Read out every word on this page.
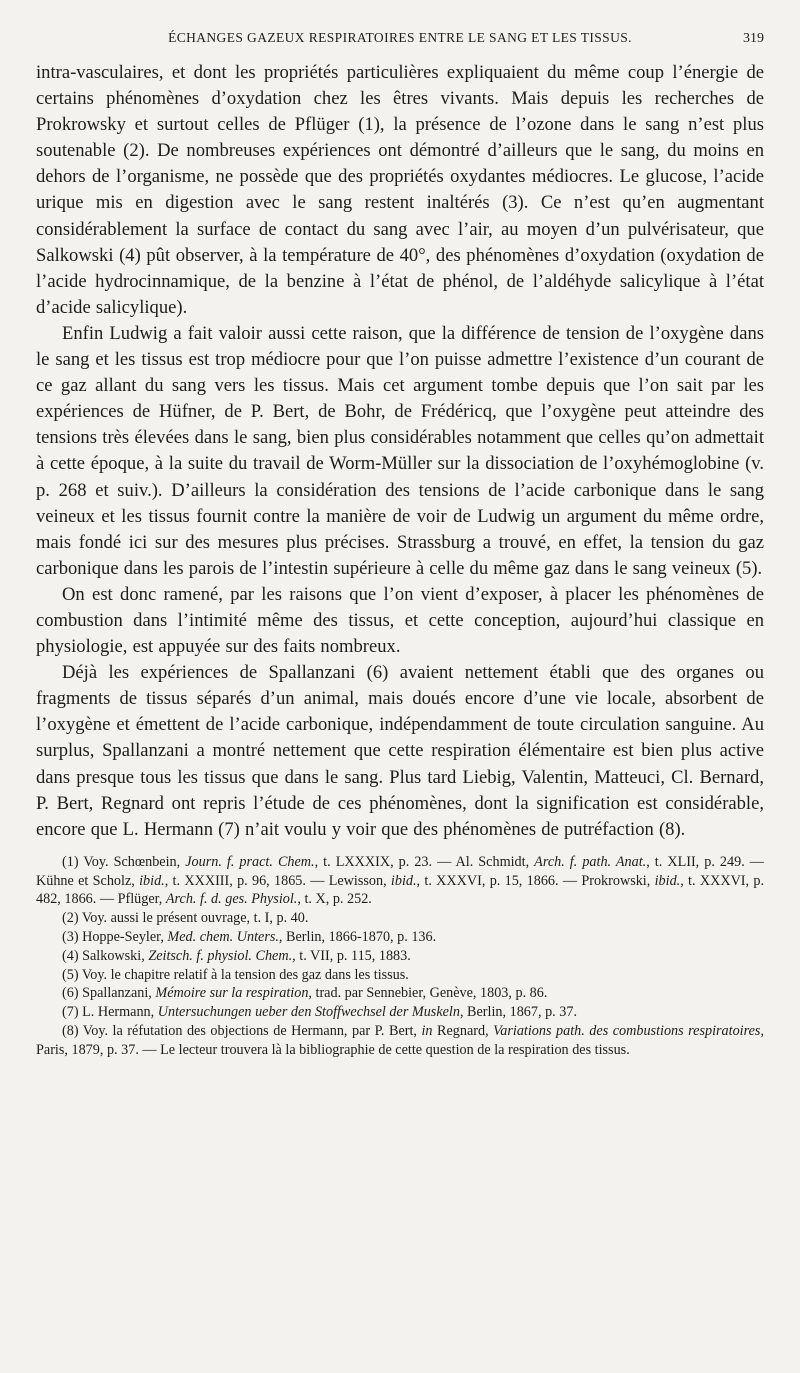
ÉCHANGES GAZEUX RESPIRATOIRES ENTRE LE SANG ET LES TISSUS.	319

intra-vasculaires, et dont les propriétés particulières expliquaient du même coup l’énergie de certains phénomènes d’oxydation chez les êtres vivants. Mais depuis les recherches de Prokrowsky et surtout celles de Pflüger (1), la présence de l’ozone dans le sang n’est plus soutenable (2). De nombreuses expériences ont démontré d’ailleurs que le sang, du moins en dehors de l’organisme, ne possède que des propriétés oxydantes médiocres. Le glucose, l’acide urique mis en digestion avec le sang restent inaltérés (3). Ce n’est qu’en augmentant considérablement la surface de contact du sang avec l’air, au moyen d’un pulvérisateur, que Salkowski (4) pût observer, à la température de 40°, des phénomènes d’oxydation (oxydation de l’acide hydrocinnamique, de la benzine à l’état de phénol, de l’aldéhyde salicylique à l’état d’acide salicylique).

Enfin Ludwig a fait valoir aussi cette raison, que la différence de tension de l’oxygène dans le sang et les tissus est trop médiocre pour que l’on puisse admettre l’existence d’un courant de ce gaz allant du sang vers les tissus. Mais cet argument tombe depuis que l’on sait par les expériences de Hüfner, de P. Bert, de Bohr, de Frédéricq, que l’oxygène peut atteindre des tensions très élevées dans le sang, bien plus considérables notamment que celles qu’on admettait à cette époque, à la suite du travail de Worm-Müller sur la dissociation de l’oxyhémoglobine (v. p. 268 et suiv.). D’ailleurs la considération des tensions de l’acide carbonique dans le sang veineux et les tissus fournit contre la manière de voir de Ludwig un argument du même ordre, mais fondé ici sur des mesures plus précises. Strassburg a trouvé, en effet, la tension du gaz carbonique dans les parois de l’intestin supérieure à celle du même gaz dans le sang veineux (5).

On est donc ramené, par les raisons que l’on vient d’exposer, à placer les phénomènes de combustion dans l’intimité même des tissus, et cette conception, aujourd’hui classique en physiologie, est appuyée sur des faits nombreux.

Déjà les expériences de Spallanzani (6) avaient nettement établi que des organes ou fragments de tissus séparés d’un animal, mais doués encore d’une vie locale, absorbent de l’oxygène et émettent de l’acide carbonique, indépendamment de toute circulation sanguine. Au surplus, Spallanzani a montré nettement que cette respiration élémentaire est bien plus active dans presque tous les tissus que dans le sang. Plus tard Liebig, Valentin, Matteuci, Cl. Bernard, P. Bert, Regnard ont repris l’étude de ces phénomènes, dont la signification est considérable, encore que L. Hermann (7) n’ait voulu y voir que des phénomènes de putréfaction (8).

(1) Voy. Schœnbein, Journ. f. pract. Chem., t. LXXXIX, p. 23. — Al. Schmidt, Arch. f. path. Anat., t. XLII, p. 249. — Kühne et Scholz, ibid., t. XXXIII, p. 96, 1865. — Lewisson, ibid., t. XXXVI, p. 15, 1866. — Prokrowski, ibid., t. XXXVI, p. 482, 1866. — Pflüger, Arch. f. d. ges. Physiol., t. X, p. 252.

(2) Voy. aussi le présent ouvrage, t. I, p. 40.

(3) Hoppe-Seyler, Med. chem. Unters., Berlin, 1866-1870, p. 136.

(4) Salkowski, Zeitsch. f. physiol. Chem., t. VII, p. 115, 1883.

(5) Voy. le chapitre relatif à la tension des gaz dans les tissus.

(6) Spallanzani, Mémoire sur la respiration, trad. par Sennebier, Genève, 1803, p. 86.

(7) L. Hermann, Untersuchungen ueber den Stoffwechsel der Muskeln, Berlin, 1867, p. 37.

(8) Voy. la réfutation des objections de Hermann, par P. Bert, in Regnard, Variations path. des combustions respiratoires, Paris, 1879, p. 37. — Le lecteur trouvera là la bibliographie de cette question de la respiration des tissus.
